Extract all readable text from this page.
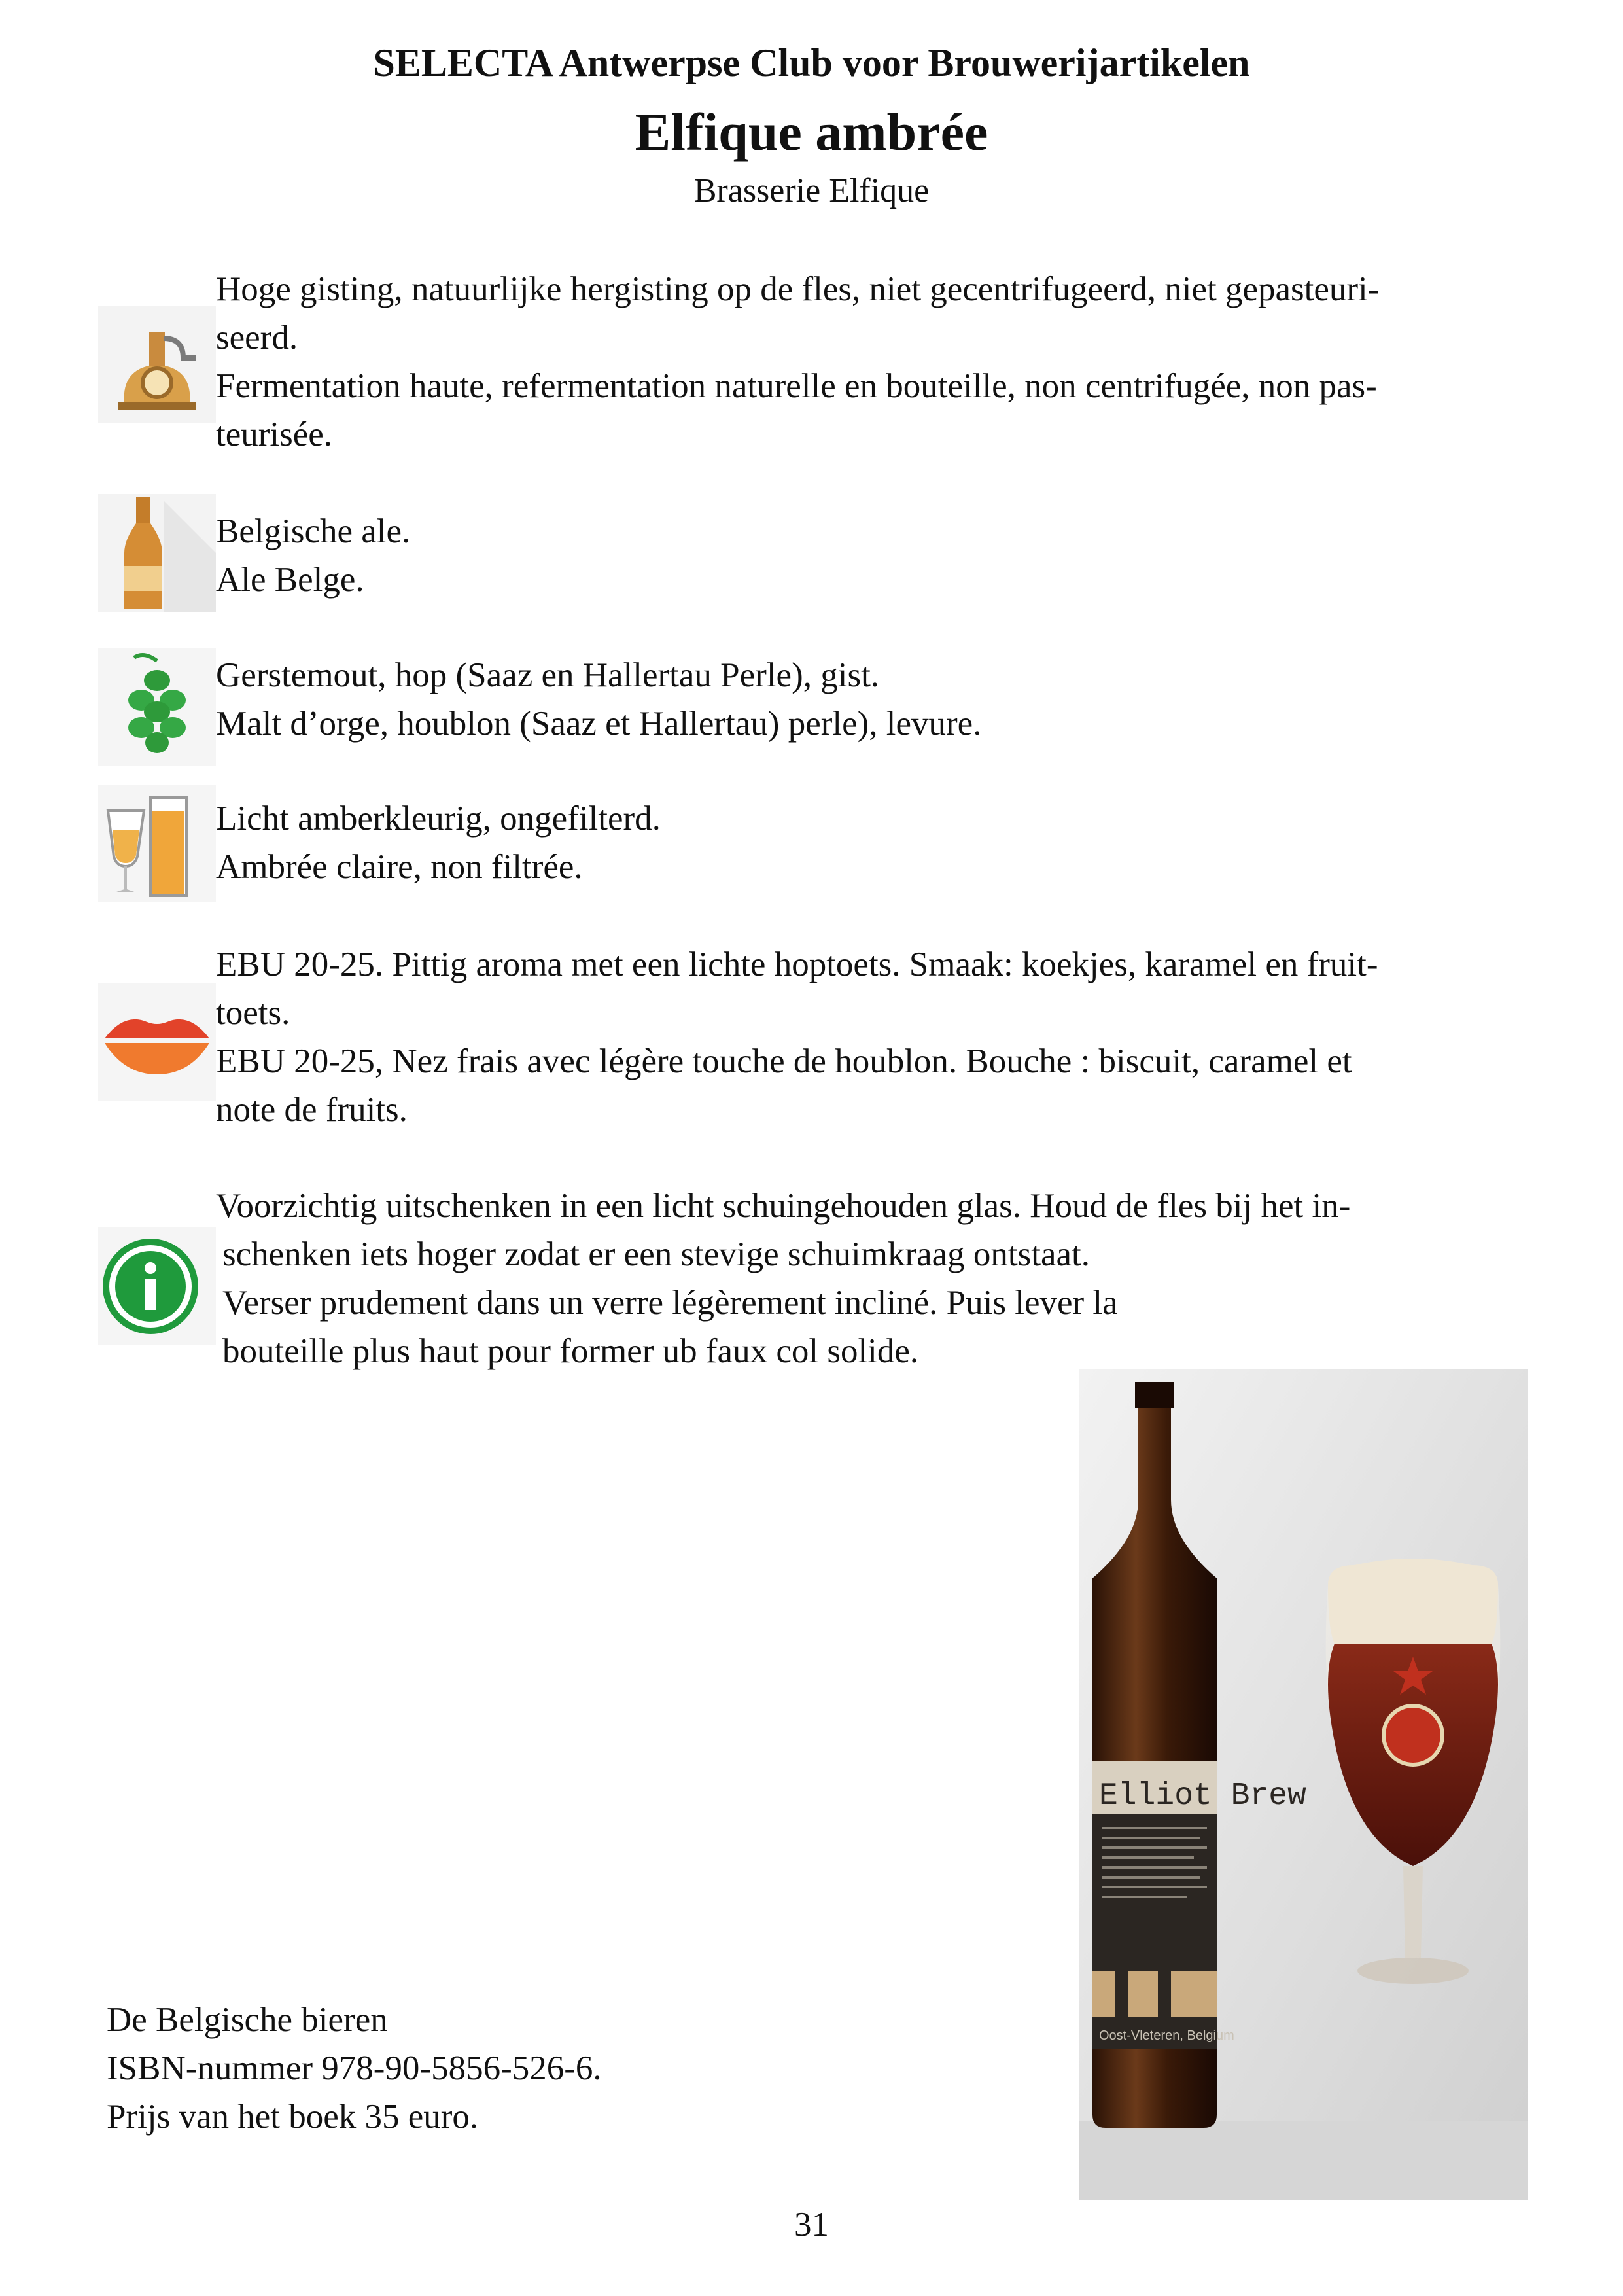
SELECTA Antwerpse Club voor Brouwerijartikelen
Elfique ambrée
Brasserie Elfique

Hoge gisting, natuurlijke hergisting op de fles, niet gecentrifugeerd, niet gepasteuri-

seerd.

Fermentation haute, refermentation naturelle en bouteille, non centrifugée, non pas-

teurisée.

Belgische ale.

Ale Belge.

Gerstemout, hop (Saaz en Hallertau Perle), gist.

Malt d’orge, houblon (Saaz et Hallertau) perle), levure.

Licht amberkleurig, ongefilterd.

Ambrée claire, non filtrée.

EBU 20-25. Pittig aroma met een lichte hoptoets. Smaak: koekjes, karamel en fruit-

toets.

EBU 20-25, Nez frais avec légère touche de houblon. Bouche : biscuit, caramel et

note de fruits.

Voorzichtig uitschenken in een licht schuingehouden glas. Houd de fles bij het in-

schenken iets hoger zodat er een stevige schuimkraag ontstaat.

Verser prudement dans un verre légèrement incliné. Puis lever la

bouteille plus haut pour former ub faux col solide.

Elliot Brew
Oost-Vleteren, Belgium

De Belgische bieren

ISBN-nummer 978-90-5856-526-6.

Prijs van het boek 35 euro.

31
